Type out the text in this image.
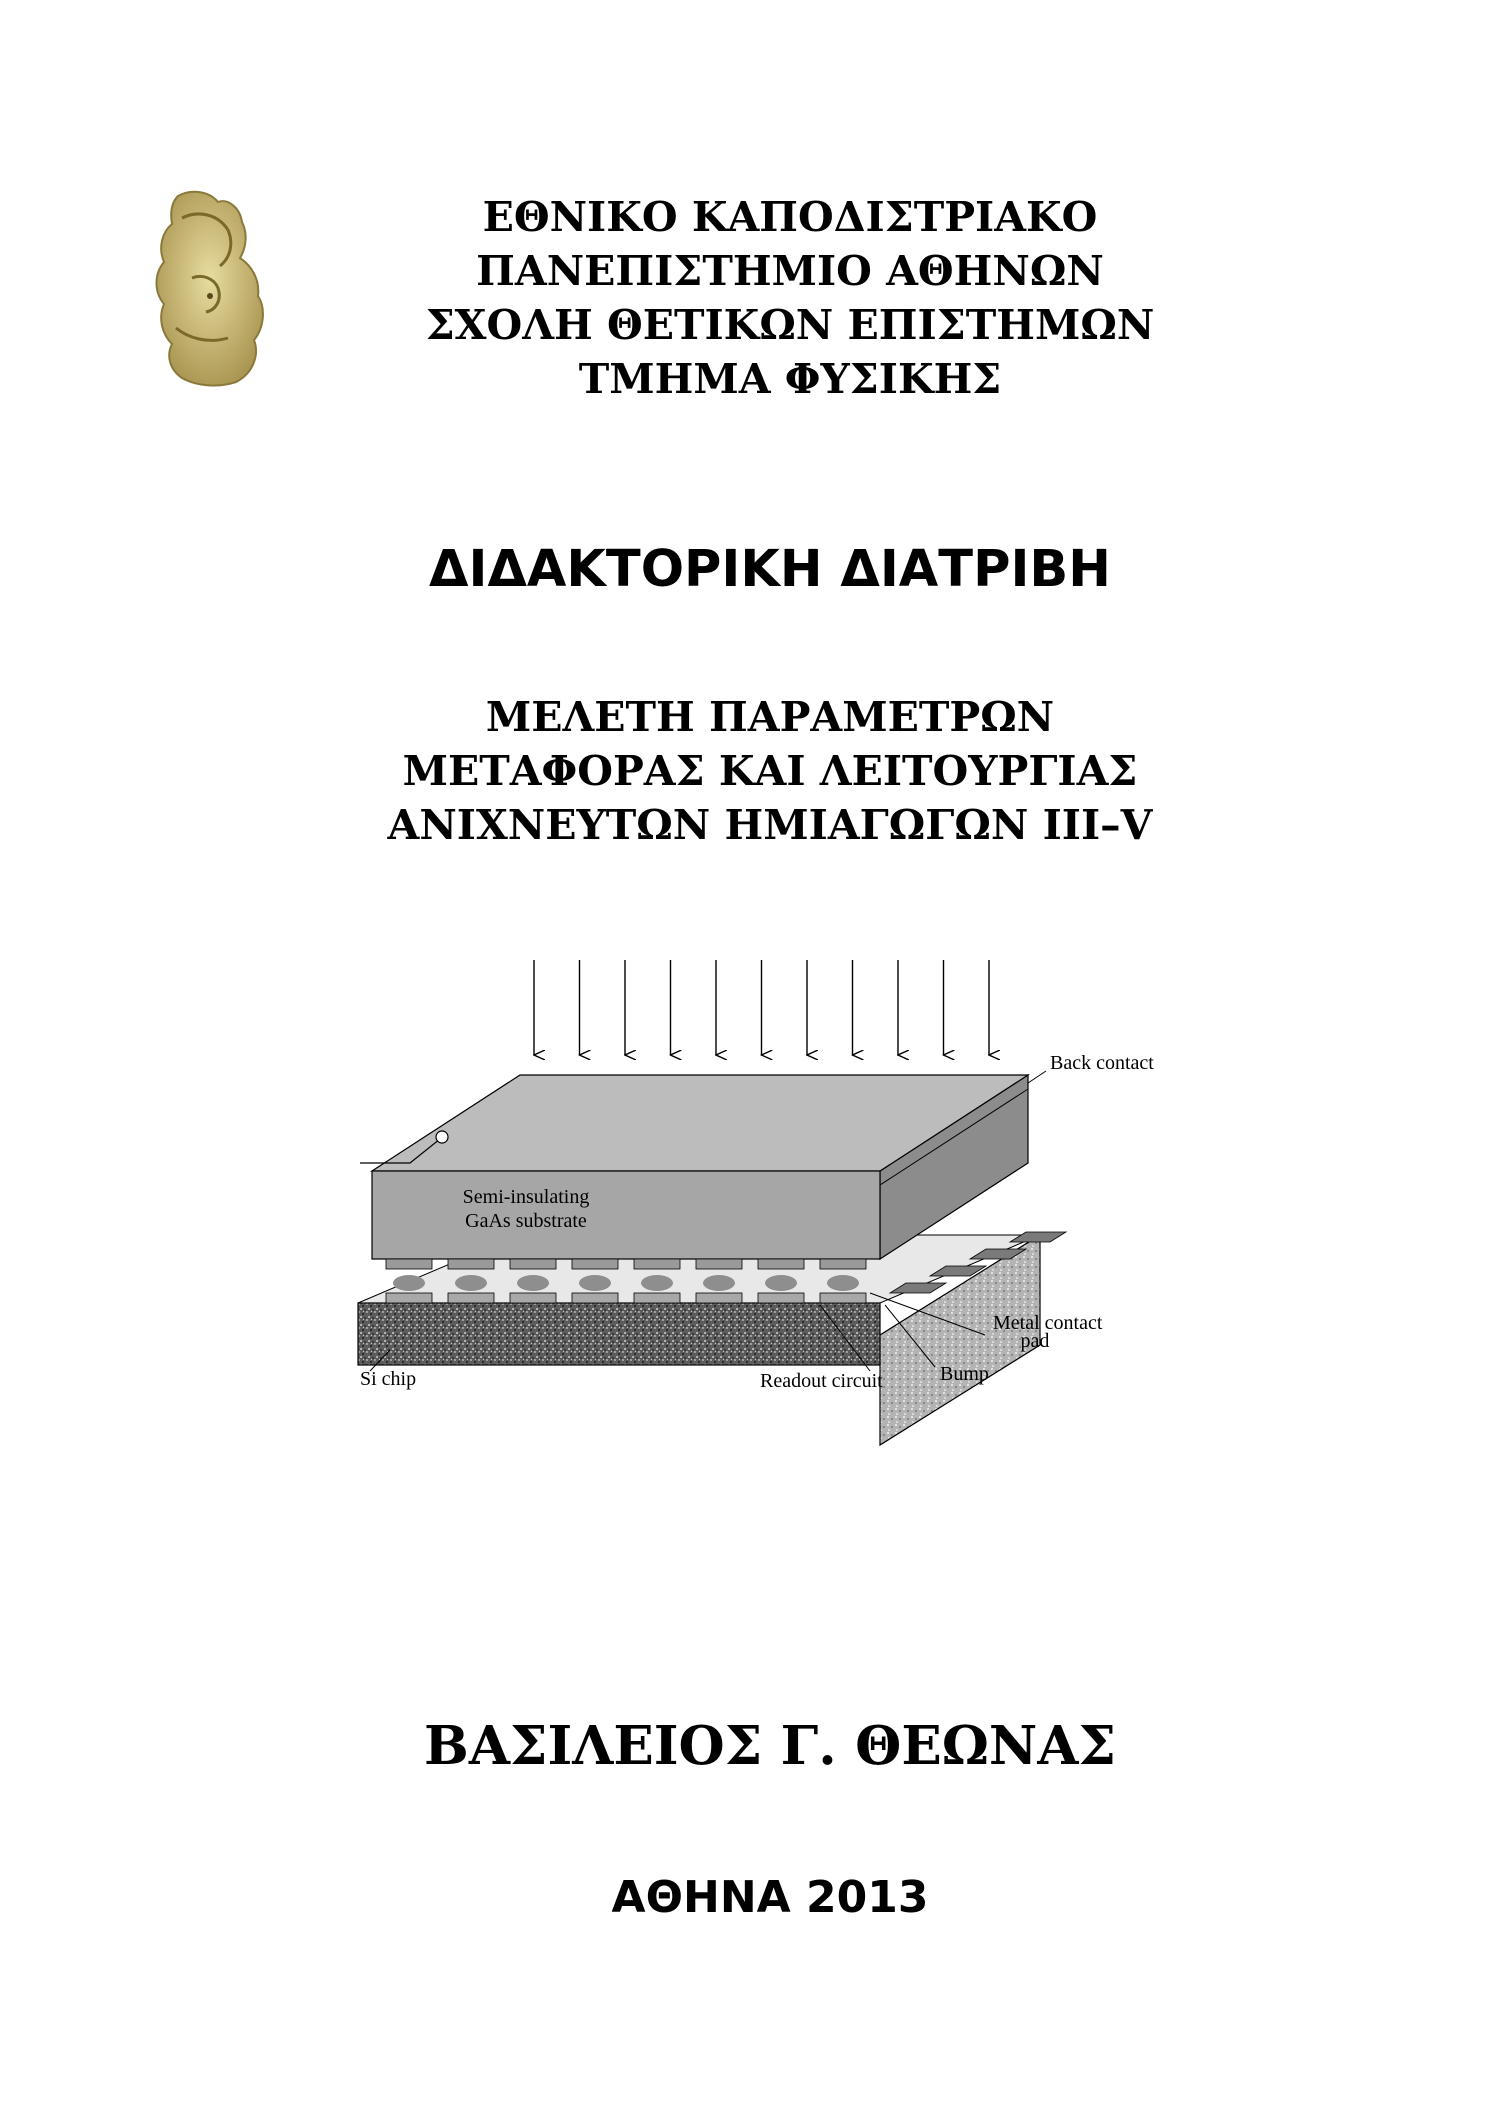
ΕΘΝΙΚΟ ΚΑΠΟΔΙΣΤΡΙΑΚΟ
ΠΑΝΕΠΙΣΤΗΜΙΟ ΑΘΗΝΩΝ
ΣΧΟΛΗ ΘΕΤΙΚΩΝ ΕΠΙΣΤΗΜΩΝ
ΤΜΗΜΑ ΦΥΣΙΚΗΣ
ΔΙΔΑΚΤΟΡΙΚΗ ΔΙΑΤΡΙΒΗ
ΜΕΛΕΤΗ ΠΑΡΑΜΕΤΡΩΝ
ΜΕΤΑΦΟΡΑΣ ΚΑΙ ΛΕΙΤΟΥΡΓΙΑΣ
ΑΝΙΧΝΕΥΤΩΝ ΗΜΙΑΓΩΓΩΝ III–V
Back contact
Semi-insulating
GaAs substrate
Metal contact
pad
Bump
Readout circuit
Si chip
ΒΑΣΙΛΕΙΟΣ Γ. ΘΕΩΝΑΣ
ΑΘΗΝΑ 2013
